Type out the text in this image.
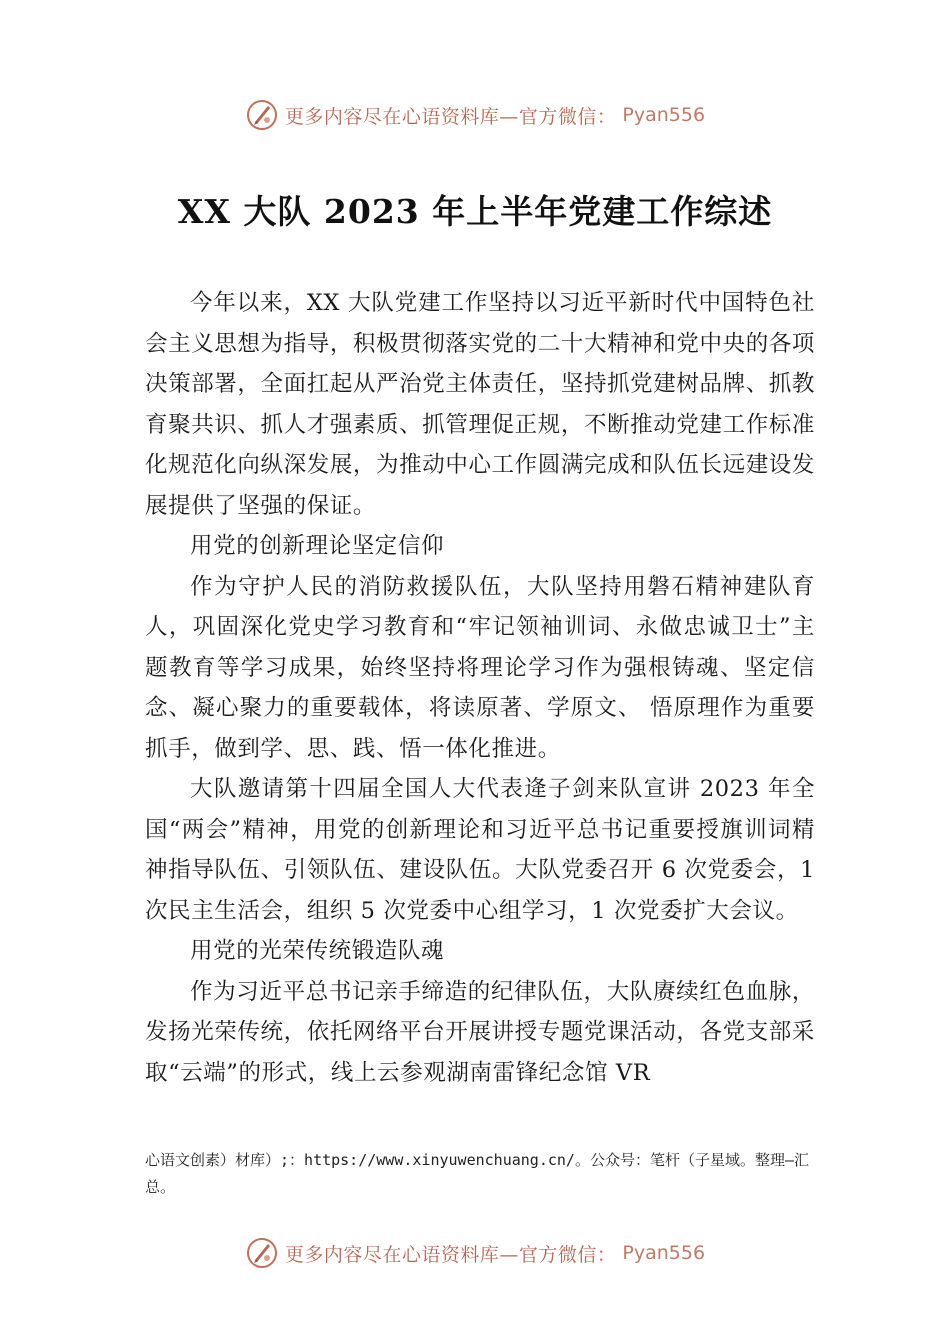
更多内容尽在心语资料库—官方微信： Pyan556
XX 大队 2023 年上半年党建工作综述

今年以来，XX 大队党建工作坚持以习近平新时代中国特色社会主义思想为指导，积极贯彻落实党的二十大精神和党中央的各项决策部署，全面扛起从严治党主体责任，坚持抓党建树品牌、抓教育聚共识、抓人才强素质、抓管理促正规，不断推动党建工作标准化规范化向纵深发展，为推动中心工作圆满完成和队伍长远建设发展提供了坚强的保证。

用党的创新理论坚定信仰

作为守护人民的消防救援队伍，大队坚持用磐石精神建队育人，巩固深化党史学习教育和“牢记领袖训词、永做忠诚卫士”主题教育等学习成果，始终坚持将理论学习作为强根铸魂、坚定信念、凝心聚力的重要载体，将读原著、学原文、 悟原理作为重要抓手，做到学、思、践、悟一体化推进。

大队邀请第十四届全国人大代表逄子剑来队宣讲 2023 年全国“两会”精神，用党的创新理论和习近平总书记重要授旗训词精神指导队伍、引领队伍、建设队伍。大队党委召开 6 次党委会，1 次民主生活会，组织 5 次党委中心组学习，1 次党委扩大会议。

用党的光荣传统锻造队魂

作为习近平总书记亲手缔造的纪律队伍，大队赓续红色血脉，发扬光荣传统，依托网络平台开展讲授专题党课活动，各党支部采取“云端”的形式，线上云参观湖南雷锋纪念馆 VR

心语文创素）材库）;：https://www.xinyuwenchuang.cn/。公众号：笔杆（子星域。整理—汇总。
更多内容尽在心语资料库—官方微信： Pyan556
